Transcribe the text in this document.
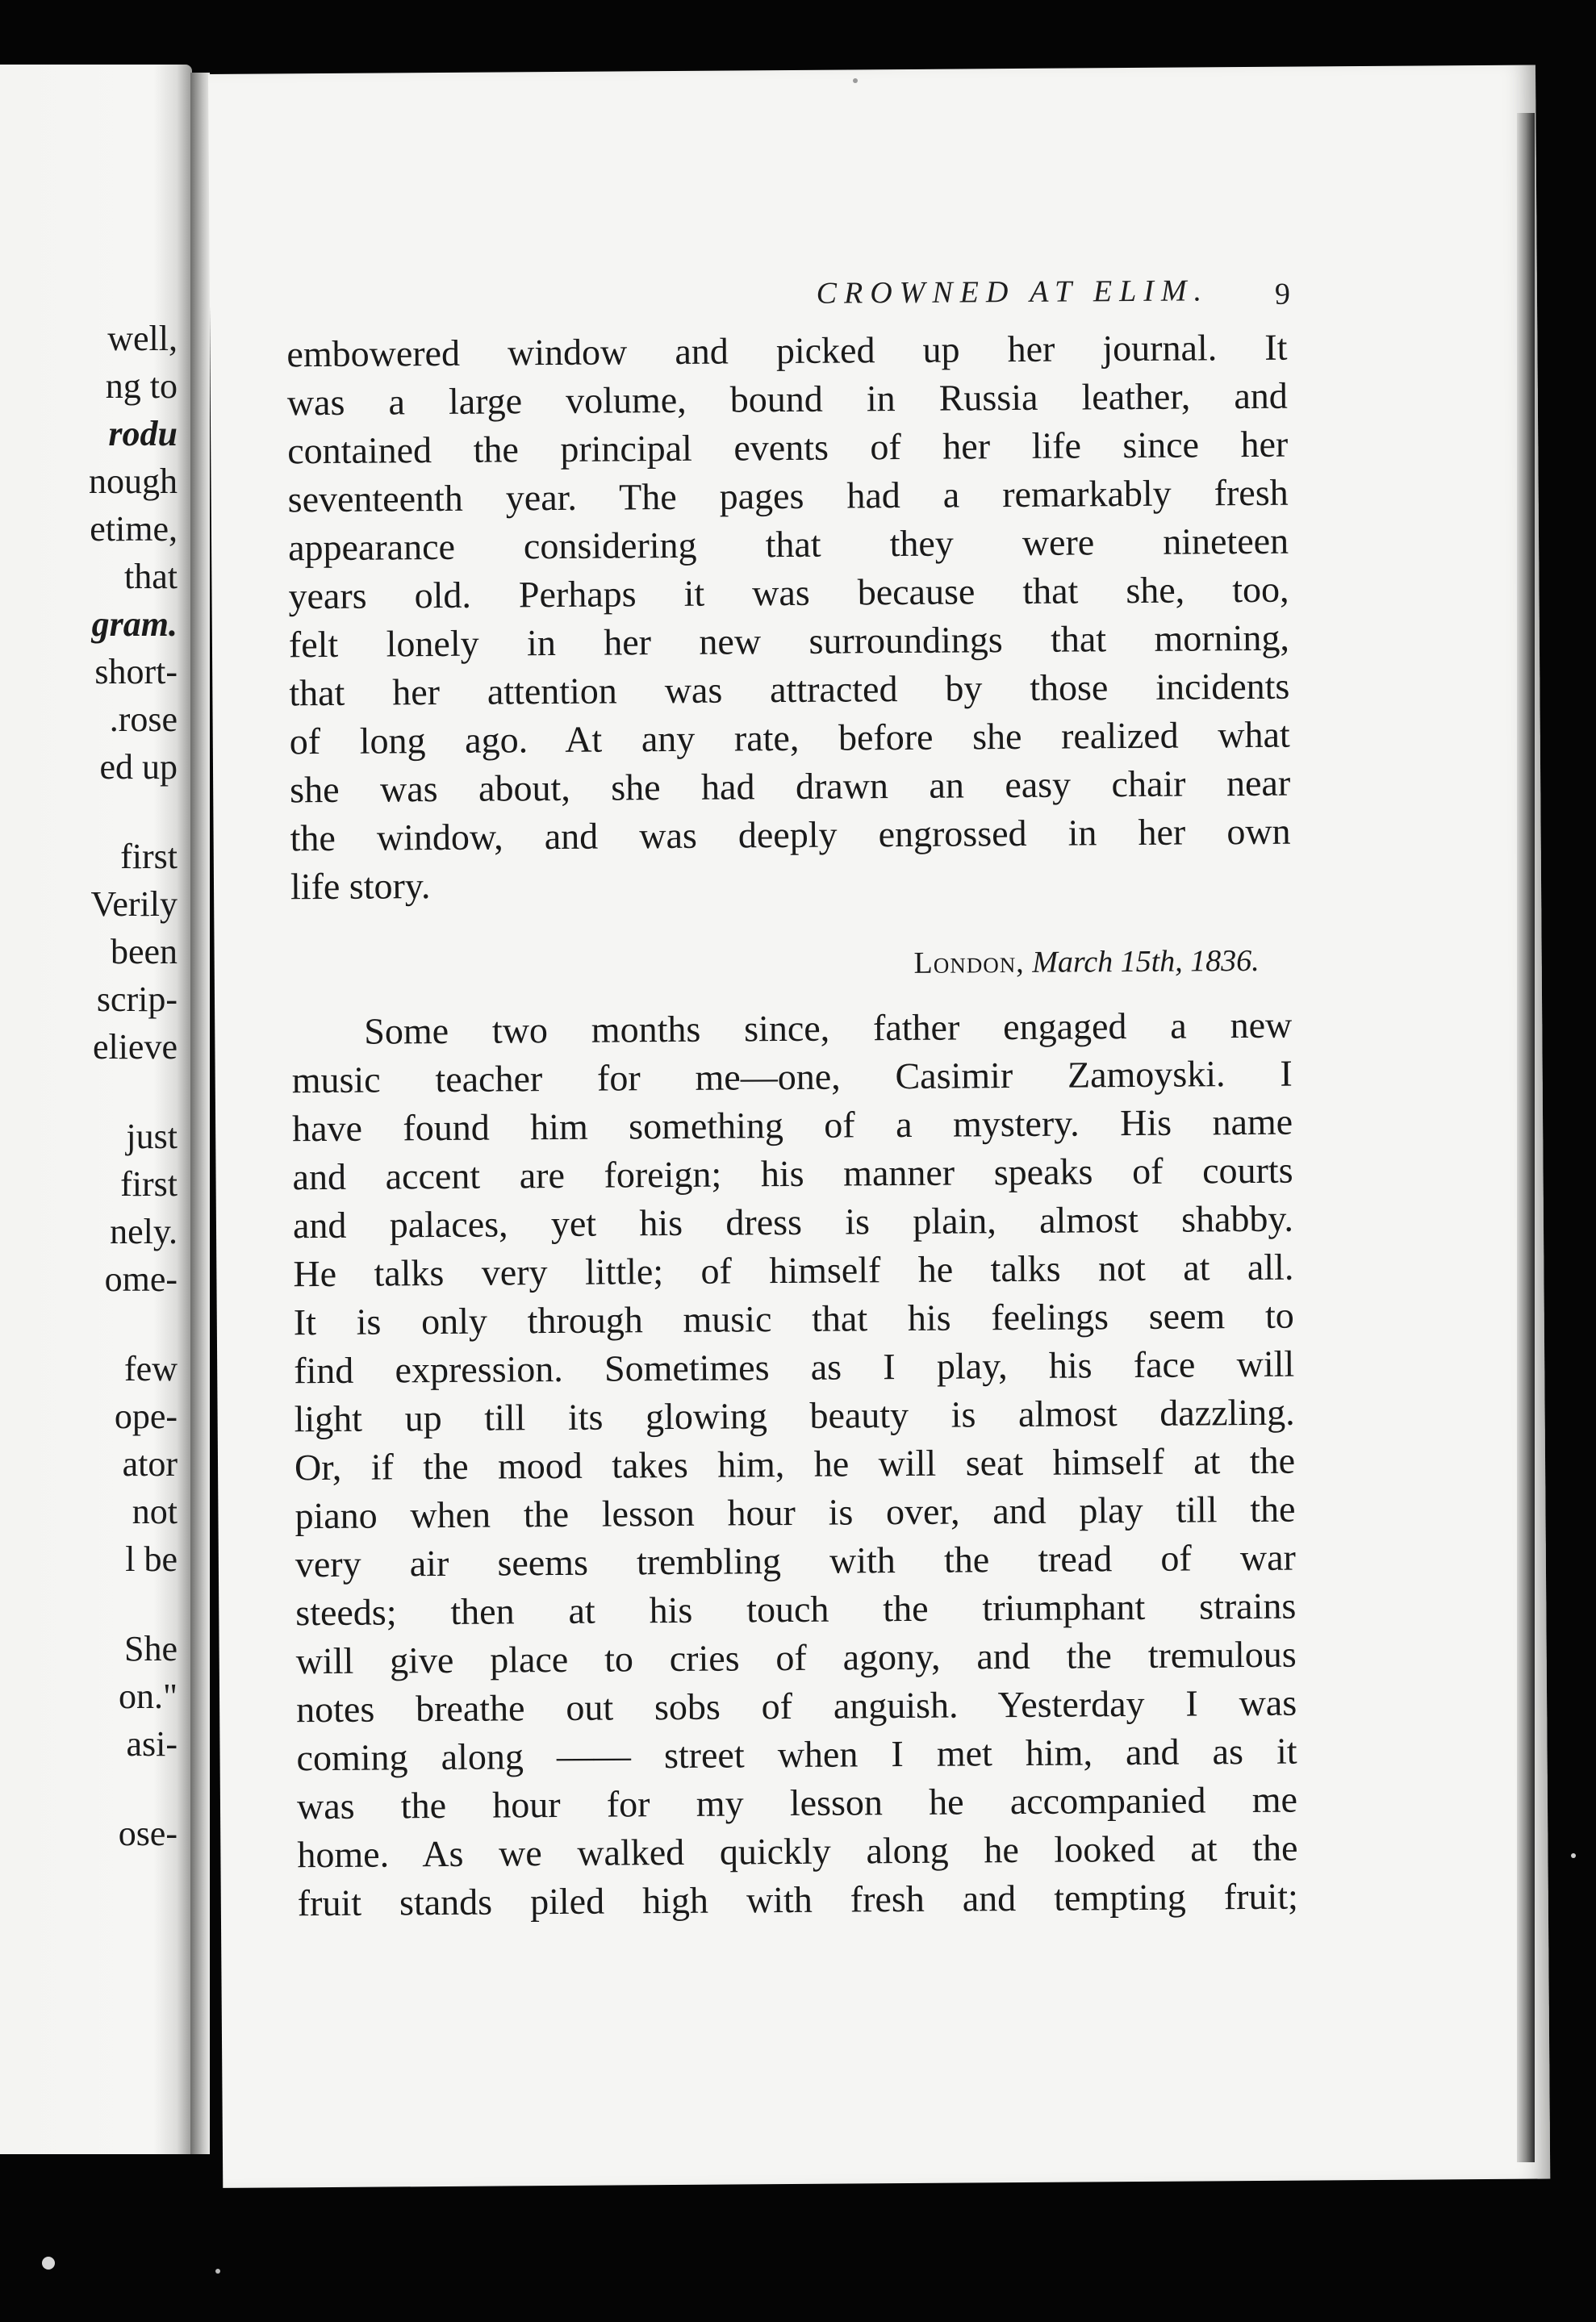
well,
ng to
rodu
nough
etime,
that
gram.
short-
.rose
ed up
first
Verily
been
scrip-
elieve
just
first
nely.
ome-
few
ope-
ator
not
l be
She
on."
asi-
ose-
CROWNED AT ELIM.	9
embowered window and picked up her journal. It
was a large volume, bound in Russia leather, and
contained the principal events of her life since her
seventeenth year. The pages had a remarkably fresh
appearance considering that they were nineteen
years old. Perhaps it was because that she, too,
felt lonely in her new surroundings that morning,
that her attention was attracted by those incidents
of long ago. At any rate, before she realized what
she was about, she had drawn an easy chair near
the window, and was deeply engrossed in her own
life story.
London, March 15th, 1836.
Some two months since, father engaged a new
music teacher for me—one, Casimir Zamoyski. I
have found him something of a mystery. His name
and accent are foreign; his manner speaks of courts
and palaces, yet his dress is plain, almost shabby.
He talks very little; of himself he talks not at all.
It is only through music that his feelings seem to
find expression. Sometimes as I play, his face will
light up till its glowing beauty is almost dazzling.
Or, if the mood takes him, he will seat himself at the
piano when the lesson hour is over, and play till the
very air seems trembling with the tread of war
steeds; then at his touch the triumphant strains
will give place to cries of agony, and the tremulous
notes breathe out sobs of anguish. Yesterday I was
coming along —— street when I met him, and as it
was the hour for my lesson he accompanied me
home. As we walked quickly along he looked at the
fruit stands piled high with fresh and tempting fruit;
